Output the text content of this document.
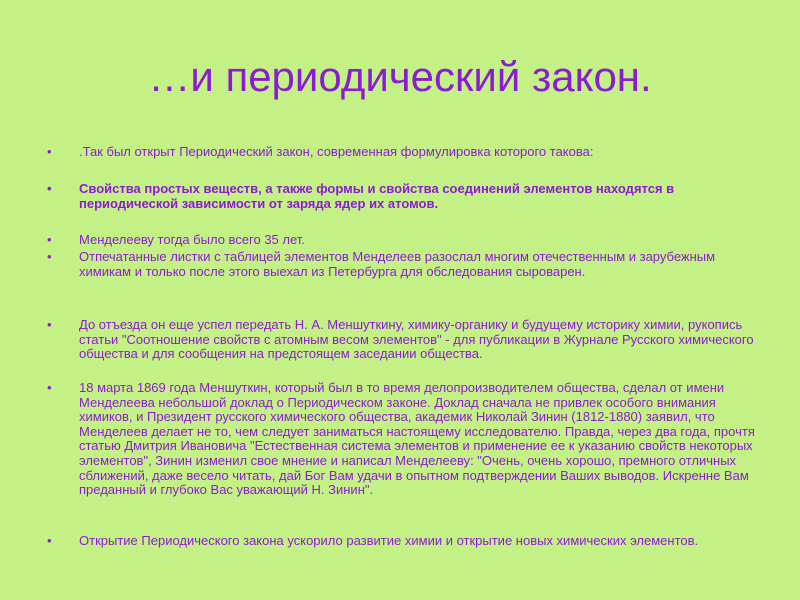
…и периодический закон.
•	.Так был открыт Периодический закон, современная формулировка которого такова:
•	Свойства простых веществ, а также формы и свойства соединений элементов находятся в периодической зависимости от заряда ядер их атомов.
•	Менделееву тогда было всего 35 лет.
•	Отпечатанные листки с таблицей элементов Менделеев разослал многим отечественным и зарубежным химикам и только после этого выехал из Петербурга для обследования сыроварен.
•	До отъезда он еще успел передать Н. А. Меншуткину, химику-органику и будущему историку химии, рукопись статьи "Соотношение свойств с атомным весом элементов" - для публикации в Журнале Русского химического общества и для сообщения на предстоящем заседании общества.
•	18 марта 1869 года Меншуткин, который был в то время делопроизводителем общества, сделал от имени Менделеева небольшой доклад о Периодическом законе. Доклад сначала не привлек особого внимания химиков, и Президент русского химического общества, академик Николай Зинин (1812-1880) заявил, что Менделеев делает не то, чем следует заниматься настоящему исследователю. Правда, через два года, прочтя статью Дмитрия Ивановича "Естественная система элементов и применение ее к указанию свойств некоторых элементов", Зинин изменил свое мнение и написал Менделееву: "Очень, очень хорошо, премного отличных сближений, даже весело читать, дай Бог Вам удачи в опытном подтверждении Ваших выводов. Искренне Вам преданный и глубоко Вас уважающий Н. Зинин".
•	Открытие Периодического закона ускорило развитие химии и открытие новых химических элементов.
